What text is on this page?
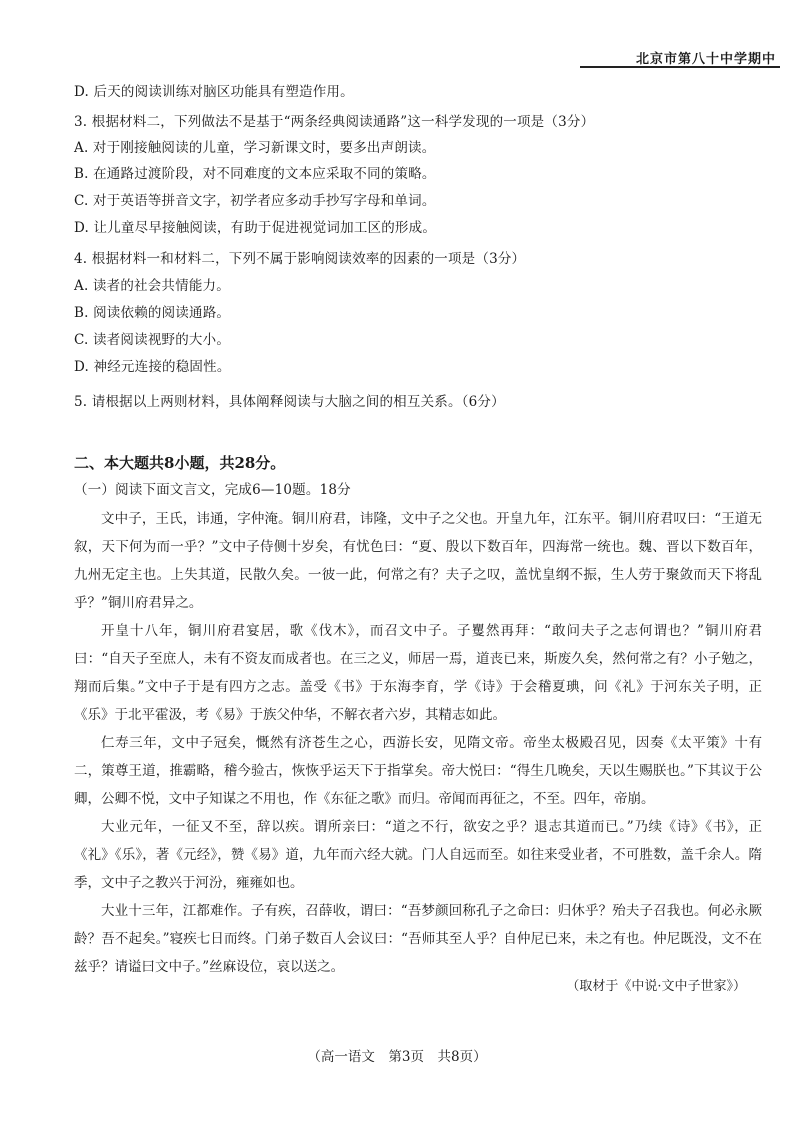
北京市第八十中学期中
D. 后天的阅读训练对脑区功能具有塑造作用。
3. 根据材料二，下列做法不是基于“两条经典阅读通路”这一科学发现的一项是（3分）
A. 对于刚接触阅读的儿童，学习新课文时，要多出声朗读。
B. 在通路过渡阶段，对不同难度的文本应采取不同的策略。
C. 对于英语等拼音文字，初学者应多动手抄写字母和单词。
D. 让儿童尽早接触阅读，有助于促进视觉词加工区的形成。
4. 根据材料一和材料二，下列不属于影响阅读效率的因素的一项是（3分）
A. 读者的社会共情能力。
B. 阅读依赖的阅读通路。
C. 读者阅读视野的大小。
D. 神经元连接的稳固性。
5. 请根据以上两则材料，具体阐释阅读与大脑之间的相互关系。（6分）
二、本大题共8小题，共28分。
（一）阅读下面文言文，完成6—10题。18分
文中子，王氏，讳通，字仲淹。铜川府君，讳隆，文中子之父也。开皇九年，江东平。铜川府君叹曰：“王道无叙，天下何为而一乎？”文中子侍侧十岁矣，有忧色曰：“夏、殷以下数百年，四海常一统也。魏、晋以下数百年，九州无定主也。上失其道，民散久矣。一彼一此，何常之有？夫子之叹，盖忧皇纲不振，生人劳于聚敛而天下将乱乎？”铜川府君异之。
开皇十八年，铜川府君宴居，歌《伐木》，而召文中子。子矍然再拜：“敢问夫子之志何谓也？”铜川府君曰：“自天子至庶人，未有不资友而成者也。在三之义，师居一焉，道丧已来，斯废久矣，然何常之有？小子勉之，翔而后集。”文中子于是有四方之志。盖受《书》于东海李育，学《诗》于会稽夏琠，问《礼》于河东关子明，正《乐》于北平霍汲，考《易》于族父仲华，不解衣者六岁，其精志如此。
仁寿三年，文中子冠矣，慨然有济苍生之心，西游长安，见隋文帝。帝坐太极殿召见，因奏《太平策》十有二，策尊王道，推霸略，稽今验古，恢恢乎运天下于指掌矣。帝大悦曰：“得生几晚矣，天以生赐朕也。”下其议于公卿，公卿不悦，文中子知谋之不用也，作《东征之歌》而归。帝闻而再征之，不至。四年，帝崩。
大业元年，一征又不至，辞以疾。谓所亲曰：“道之不行，欲安之乎？退志其道而已。”乃续《诗》《书》，正《礼》《乐》，著《元经》，赞《易》道，九年而六经大就。门人自远而至。如往来受业者，不可胜数，盖千余人。隋季，文中子之教兴于河汾，雍雍如也。
大业十三年，江都难作。子有疾，召薛收，谓曰：“吾梦颜回称孔子之命曰：归休乎？殆夫子召我也。何必永厥龄？吾不起矣。”寝疾七日而终。门弟子数百人会议曰：“吾师其至人乎？自仲尼已来，未之有也。仲尼既没，文不在兹乎？请谥曰文中子。”丝麻设位，哀以送之。
（取材于《中说·文中子世家》）
（高一语文　第3页　共8页）
